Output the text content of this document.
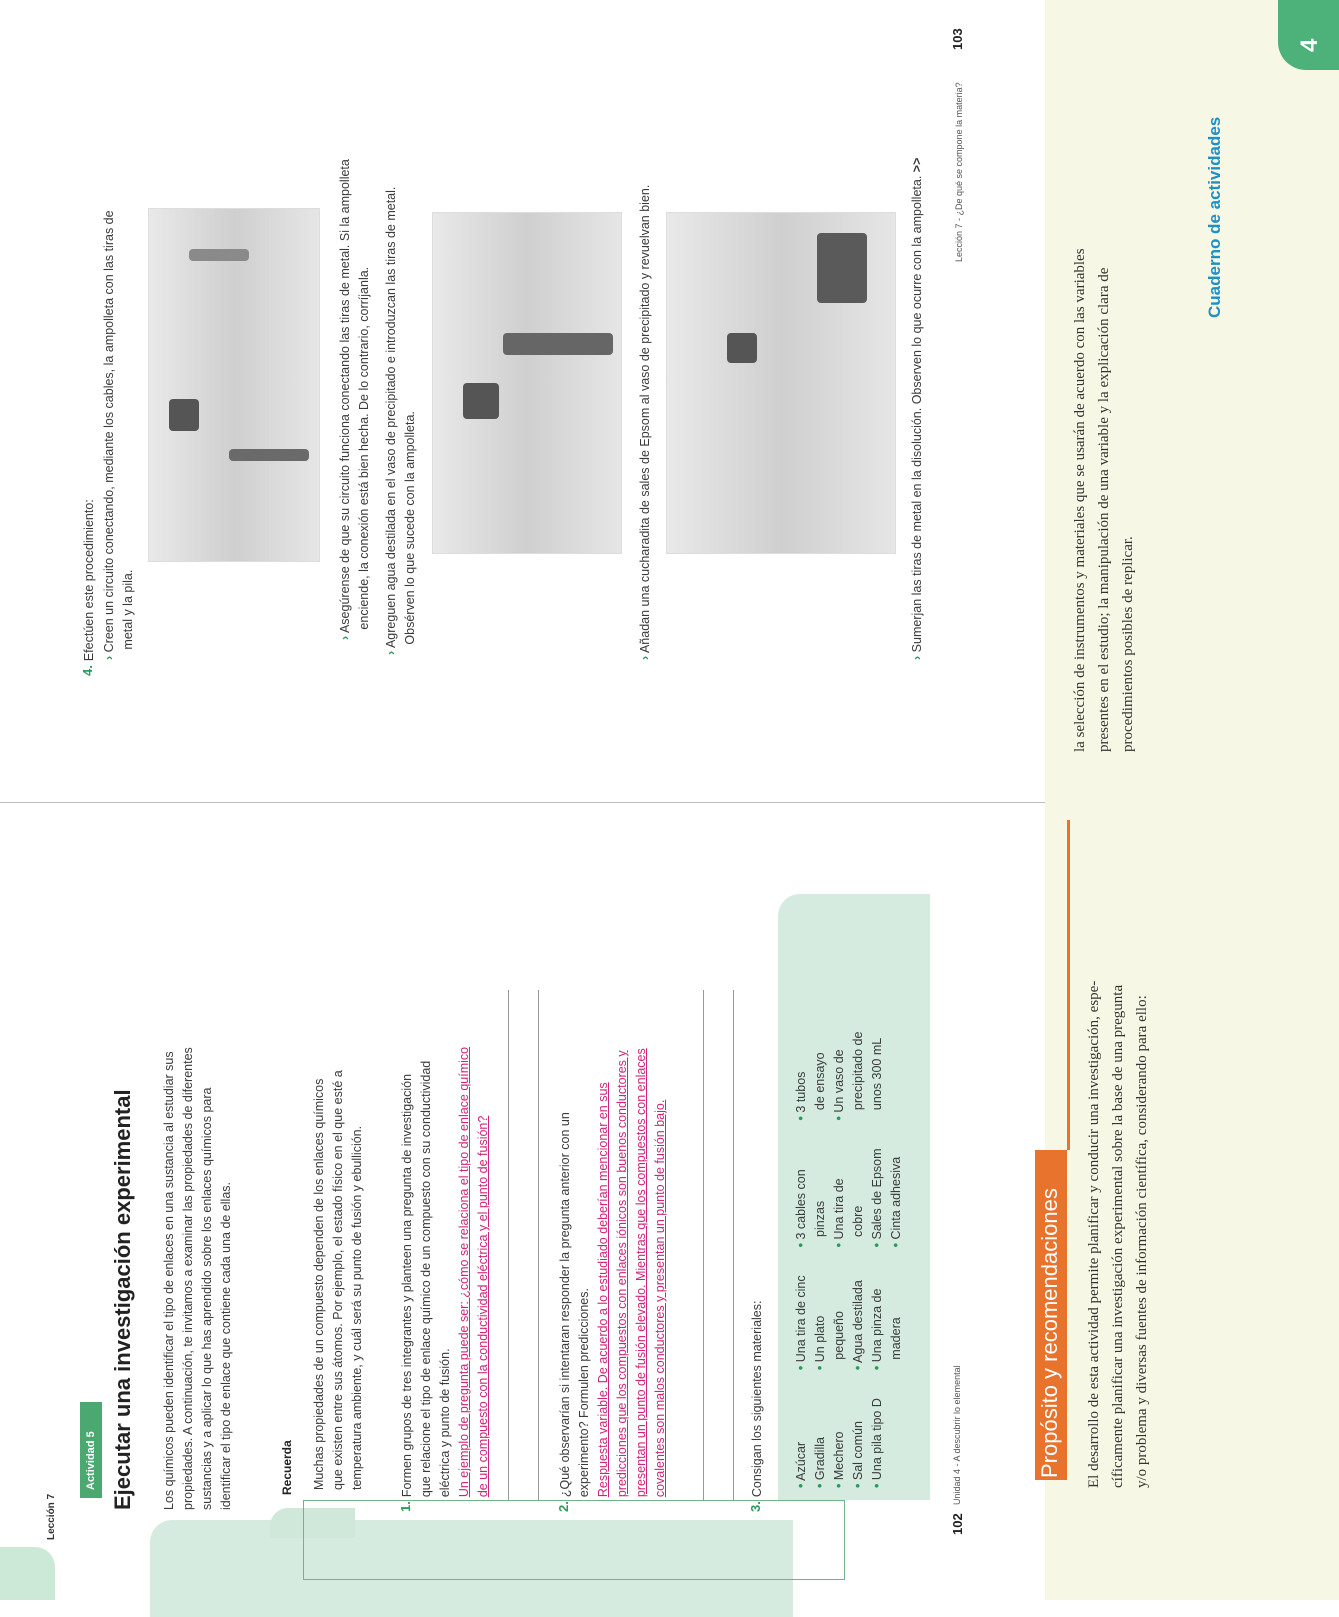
4
Lección 7
Actividad 5 Ejecutar una investigación experimental Los químicos pueden identificar el tipo de enlaces en una sustancia al estudiar sus propiedades. A continuación, te invitamos a examinar las propiedades de diferentes sustancias y a aplicar lo que has aprendido sobre los enlaces químicos para identificar el tipo de enlace que contiene cada una de ellas.	Recuerda Muchas propiedades de un compuesto dependen de los enlaces químicos que existen entre sus átomos. Por ejemplo, el estado físico en el que esté a temperatura ambiente, y cuál será su punto de fusión y ebullición.
1.
Formen grupos de tres integrantes y planteen una pregunta de investigación que relacione el tipo de enlace químico de un compuesto con su conductividad eléctrica y punto de fusión. Un ejemplo de pregunta puede ser: ¿cómo se relaciona el tipo de enlace químico de un compuesto con la conductividad eléctrica y el punto de fusión?
2.
¿Qué observarían si intentaran responder la pregunta anterior con un experimento? Formulen predicciones. Respuesta variable. De acuerdo a lo estudiado deberían mencionar en sus predicciones que los compuestos con enlaces iónicos son buenos conductores y presentan un punto de fusión elevado. Mientras que los compuestos con enlaces covalentes son malos conductores y presentan un punto de fusión bajo.
3.
Consigan los siguientes materiales: • Azúcar
• Gradilla
• Mechero
• Sal común
• Una pila tipo D
• Una tira de cinc
• Un plato pequeño
• Agua destilada
• Una pinza de madera
• 3 cables con pinzas
• Una tira de cobre
• Sales de Epsom
• Cinta adhesiva
• 3 tubos de ensayo
• Un vaso de precipitado de unos 300 mL
102
Unidad 4 - A descubrir lo elemental
4.
Efectúen este procedimiento: › Creen un circuito conectando, mediante los cables, la ampolleta con las tiras de metal y la pila.	› Asegúrense de que su circuito funciona conectando las tiras de metal. Si la ampolleta enciende, la conexión está bien hecha. De lo contrario, corríjanla.
› Agreguen agua destilada en el vaso de precipitado e introduzcan las tiras de metal. Obsérven lo que sucede con la ampolleta.
› Añadan una cucharadita de sales de Epsom al vaso de precipitado y revuelvan bien.
› Sumerjan las tiras de metal en la disolución. Observen lo que ocurre con la ampolleta. >>
103
Lección 7 - ¿De qué se compone la materia?
Propósito y recomendaciones El desarrollo de esta actividad permite planificar y conducir una investigación, espe- cíficamente planificar una investigación experimental sobre la base de una pregunta y/o problema y diversas fuentes de información científica, considerando para ello:
la selección de instrumentos y materiales que se usarán de acuerdo con las variables presentes en el estudio; la manipulación de una variable y la explicación clara de procedimientos posibles de replicar.
Cuaderno de actividades
